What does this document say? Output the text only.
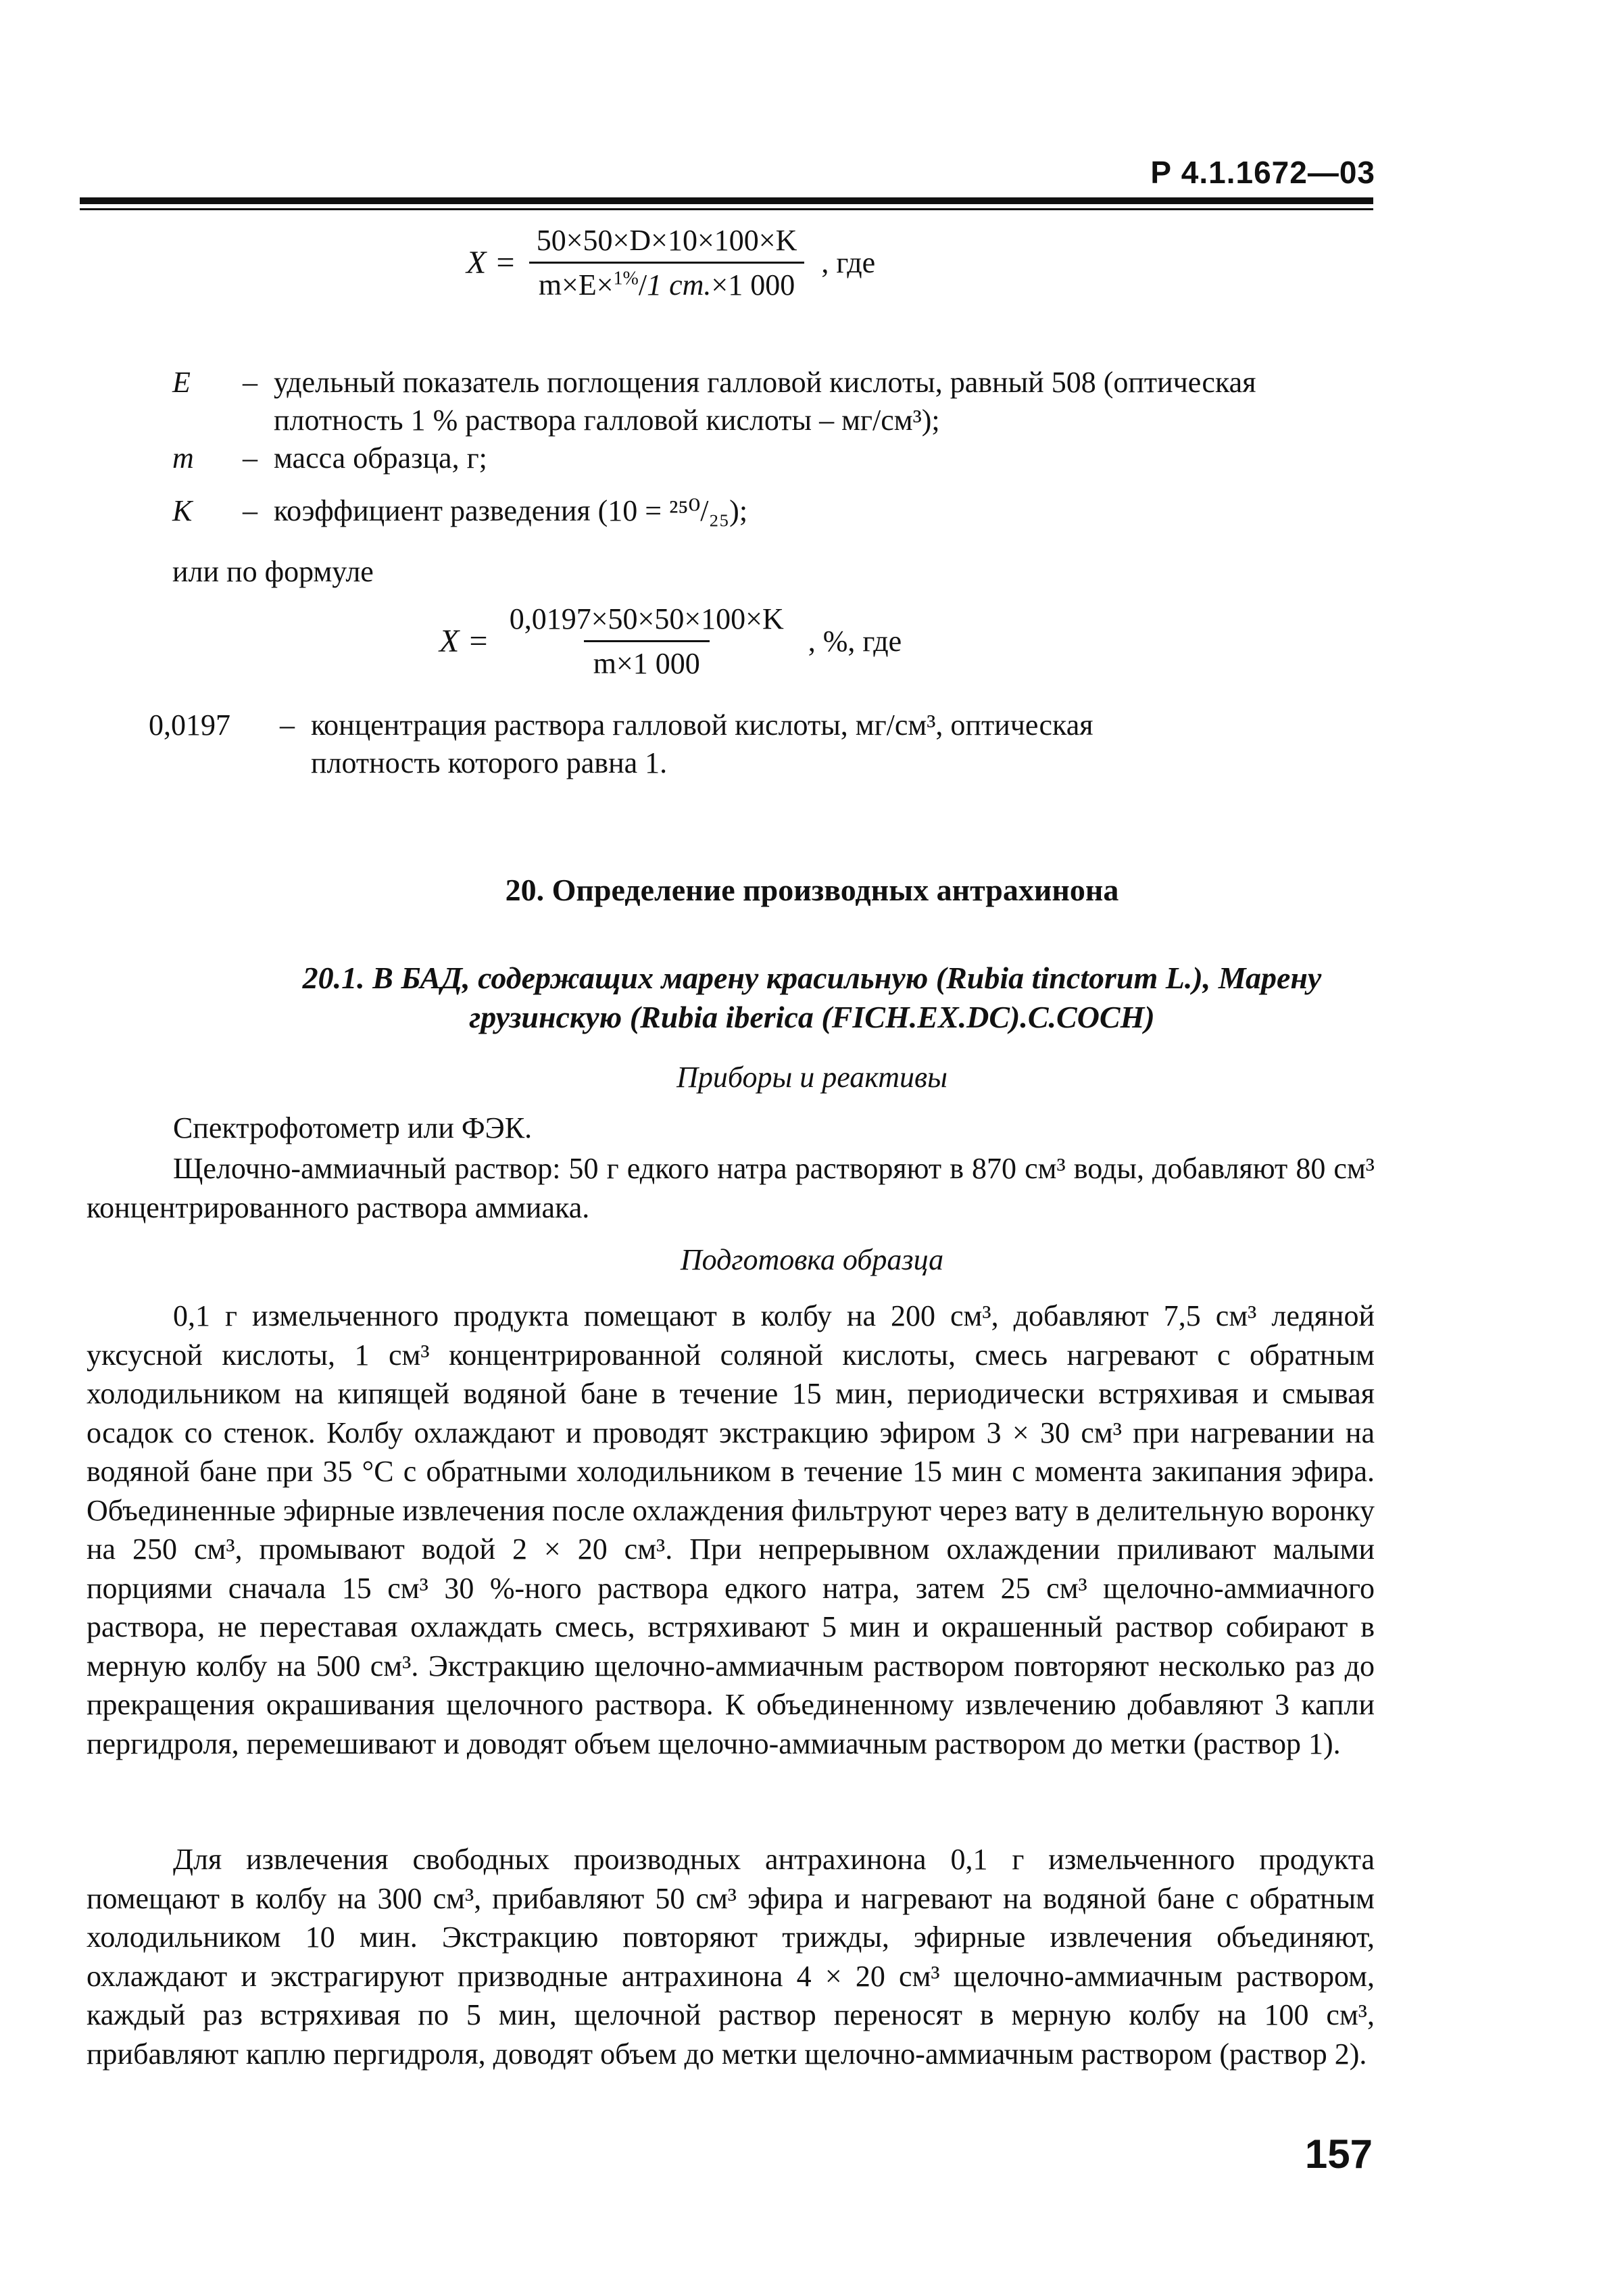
Р 4.1.1672—03
$X = \frac{50\times 50\times D\times 10\times 100\times K}{m\times E\times^{1\%}/1 cm.\times 1 000}$ , где
E	– удельный показатель поглощения галловой кислоты, равный 508 (оптическая плотность 1 % раствора галловой кислоты – мг/см³);
m	– масса образца, г;
K	– коэффициент разведения (10 = ²⁵⁰/₂₅);
или по формуле
$X = \frac{0,0197\times 50\times 50\times 100\times K}{m\times 1 000}$ , %, где
0,0197	– концентрация раствора галловой кислоты, мг/см³, оптическая плотность которого равна 1.
20. Определение производных антрахинона
20.1. В БАД, содержащих марену красильную (Rubia tinctorum L.), Марену
грузинскую (Rubia iberica (FICH.EX.DC).C.COCH)
Приборы и реактивы
Спектрофотометр или ФЭК.
Щелочно-аммиачный раствор: 50 г едкого натра растворяют в 870 см³ воды, добавляют 80 см³ концентрированного раствора аммиака.
Подготовка образца
0,1 г измельченного продукта помещают в колбу на 200 см³, добавляют 7,5 см³ ледяной уксусной кислоты, 1 см³ концентрированной соляной кислоты, смесь нагревают с обратным холодильником на кипящей водяной бане в течение 15 мин, периодически встряхивая и смывая осадок со стенок. Колбу охлаждают и проводят экстракцию эфиром 3 × 30 см³ при нагревании на водяной бане при 35 °С с обратными холодильником в течение 15 мин с момента закипания эфира. Объединенные эфирные извлечения после охлаждения фильтруют через вату в делительную воронку на 250 см³, промывают водой 2 × 20 см³. При непрерывном охлаждении приливают малыми порциями сначала 15 см³ 30 %-ного раствора едкого натра, затем 25 см³ щелочно-аммиачного раствора, не переставая охлаждать смесь, встряхивают 5 мин и окрашенный раствор собирают в мерную колбу на 500 см³. Экстракцию щелочно-аммиачным раствором повторяют несколько раз до прекращения окрашивания щелочного раствора. К объединенному извлечению добавляют 3 капли пергидроля, перемешивают и доводят объем щелочно-аммиачным раствором до метки (раствор 1).
Для извлечения свободных производных антрахинона 0,1 г измельченного продукта помещают в колбу на 300 см³, прибавляют 50 см³ эфира и нагревают на водяной бане с обратным холодильником 10 мин. Экстракцию повторяют трижды, эфирные извлечения объединяют, охлаждают и экстрагируют призводные антрахинона 4 × 20 см³ щелочно-аммиачным раствором, каждый раз встряхивая по 5 мин, щелочной раствор переносят в мерную колбу на 100 см³, прибавляют каплю пергидроля, доводят объем до метки щелочно-аммиачным раствором (раствор 2).
157
